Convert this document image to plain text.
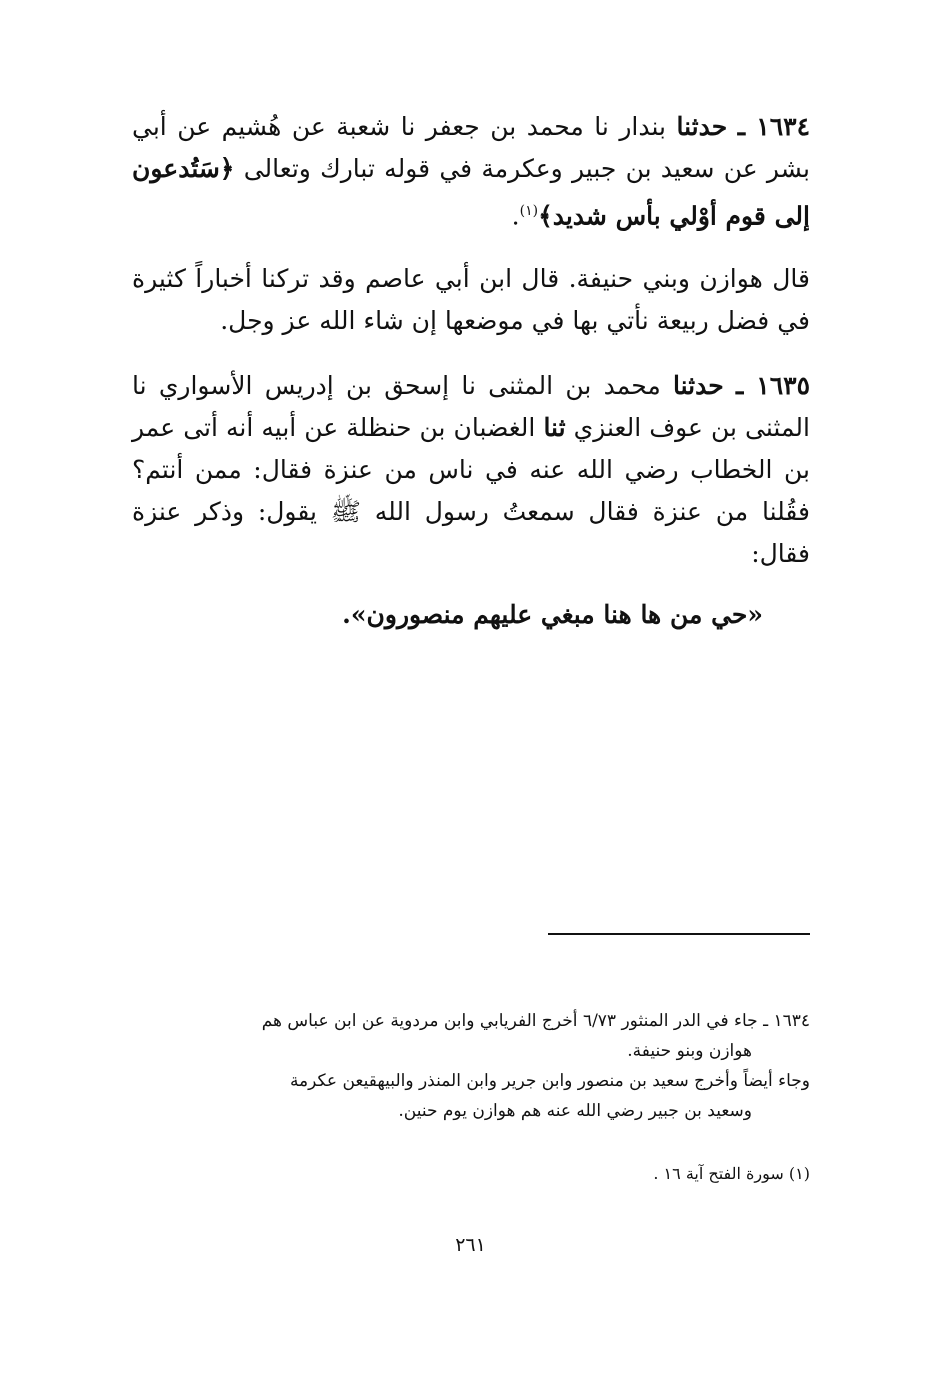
١٦٣٤ ـ حدثنا بندار نا محمد بن جعفر نا شعبة عن هُشيم عن أبي بشر عن سعيد بن جبير وعكرمة في قوله تبارك وتعالى ﴿سَتُدعون إلى قوم أوْلي بأس شديد﴾$^{(١)}$.

قال هوازن وبني حنيفة. قال ابن أبي عاصم وقد تركنا أخباراً كثيرة في فضل ربيعة نأتي بها في موضعها إن شاء الله عز وجل.

١٦٣٥ ـ حدثنا محمد بن المثنى نا إسحق بن إدريس الأسواري نا المثنى بن عوف العنزي ثنا الغضبان بن حنظلة عن أبيه أنه أتى عمر بن الخطاب رضي الله عنه في ناس من عنزة فقال: ممن أنتم؟ فقُلنا من عنزة فقال سمعتُ رسول الله ﷺ يقول: وذكر عنزة فقال:

«حي من ها هنا مبغي عليهم منصورون».

١٦٣٤ ـ جاء في الدر المنثور ٦/٧٣ أخرج الفريابي وابن مردوية عن ابن عباس هم

هوازن وبنو حنيفة.

وجاء أيضاً وأخرج سعيد بن منصور وابن جرير وابن المنذر والبيهقيعن عكرمة

وسعيد بن جبير رضي الله عنه هم هوازن يوم حنين.

(١) سورة الفتح آية ١٦ .
٢٦١
